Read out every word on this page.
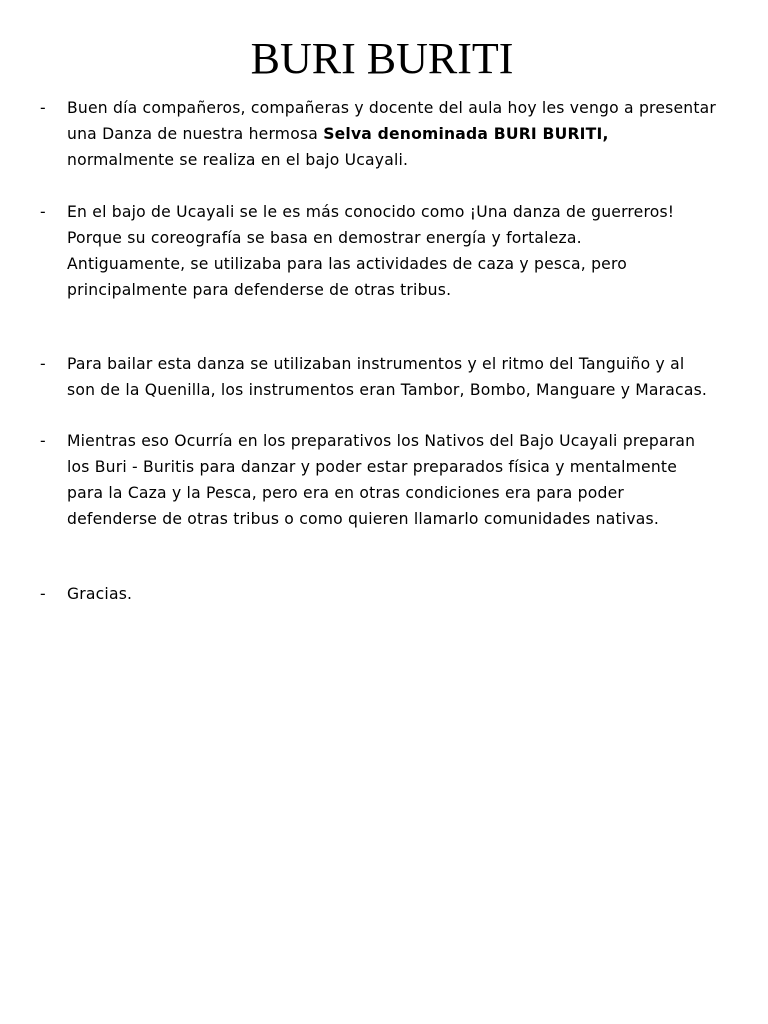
BURI BURITI
-	Buen día compañeros, compañeras y docente del aula hoy les vengo a presentar
una Danza de nuestra hermosa Selva denominada BURI BURITI,
normalmente se realiza en el bajo Ucayali.
-	En el bajo de Ucayali se le es más conocido como ¡Una danza de guerreros!
Porque su coreografía se basa en demostrar energía y fortaleza.
Antiguamente, se utilizaba para las actividades de caza y pesca, pero
principalmente para defenderse de otras tribus.
-	Para bailar esta danza se utilizaban instrumentos y el ritmo del Tanguiño y al
son de la Quenilla, los instrumentos eran Tambor, Bombo, Manguare y Maracas.
-	Mientras eso Ocurría en los preparativos los Nativos del Bajo Ucayali preparan
los Buri - Buritis para danzar y poder estar preparados física y mentalmente
para la Caza y la Pesca, pero era en otras condiciones era para poder
defenderse de otras tribus o como quieren llamarlo comunidades nativas.
-	Gracias.
